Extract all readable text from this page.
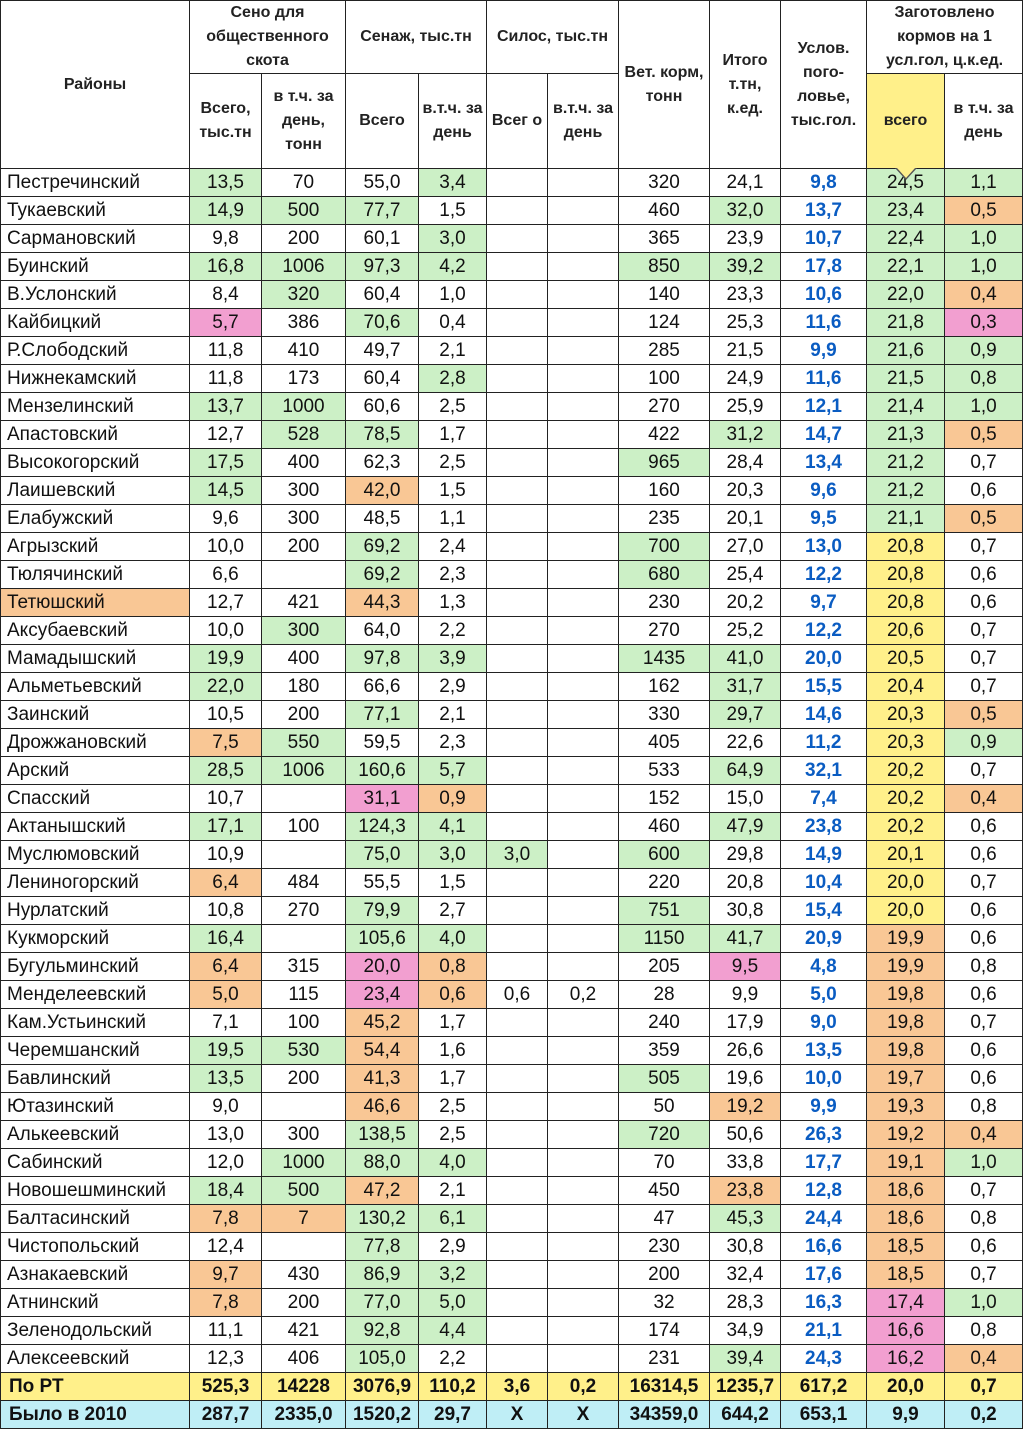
Районы	Сено для общественного скота		Сенаж, тыс.тн		Силос, тыс.тн		Вет. корм, тонн	Итого т.тн, к.ед.	Услов. пого-ловье, тыс.гол.	Заготовлено кормов на 1 усл.гол, ц.к.ед.	
	Всего, тыс.тн	в т.ч. за день, тонн	Всего	в.т.ч. за день	Всег о	в.т.ч. за день				всего	в т.ч. за день
Пестречинский	13,5	70	55,0	3,4			320	24,1	9,8	24,5	1,1
Тукаевский	14,9	500	77,7	1,5			460	32,0	13,7	23,4	0,5
Сармановский	9,8	200	60,1	3,0			365	23,9	10,7	22,4	1,0
Буинский	16,8	1006	97,3	4,2			850	39,2	17,8	22,1	1,0
В.Услонский	8,4	320	60,4	1,0			140	23,3	10,6	22,0	0,4
Кайбицкий	5,7	386	70,6	0,4			124	25,3	11,6	21,8	0,3
Р.Слободский	11,8	410	49,7	2,1			285	21,5	9,9	21,6	0,9
Нижнекамский	11,8	173	60,4	2,8			100	24,9	11,6	21,5	0,8
Мензелинский	13,7	1000	60,6	2,5			270	25,9	12,1	21,4	1,0
Апастовский	12,7	528	78,5	1,7			422	31,2	14,7	21,3	0,5
Высокогорский	17,5	400	62,3	2,5			965	28,4	13,4	21,2	0,7
Лаишевский	14,5	300	42,0	1,5			160	20,3	9,6	21,2	0,6
Елабужский	9,6	300	48,5	1,1			235	20,1	9,5	21,1	0,5
Агрызский	10,0	200	69,2	2,4			700	27,0	13,0	20,8	0,7
Тюлячинский	6,6		69,2	2,3			680	25,4	12,2	20,8	0,6
Тетюшский	12,7	421	44,3	1,3			230	20,2	9,7	20,8	0,6
Аксубаевский	10,0	300	64,0	2,2			270	25,2	12,2	20,6	0,7
Мамадышский	19,9	400	97,8	3,9			1435	41,0	20,0	20,5	0,7
Альметьевский	22,0	180	66,6	2,9			162	31,7	15,5	20,4	0,7
Заинский	10,5	200	77,1	2,1			330	29,7	14,6	20,3	0,5
Дрожжановский	7,5	550	59,5	2,3			405	22,6	11,2	20,3	0,9
Арский	28,5	1006	160,6	5,7			533	64,9	32,1	20,2	0,7
Спасский	10,7		31,1	0,9			152	15,0	7,4	20,2	0,4
Актанышский	17,1	100	124,3	4,1			460	47,9	23,8	20,2	0,6
Муслюмовский	10,9		75,0	3,0	3,0		600	29,8	14,9	20,1	0,6
Лениногорский	6,4	484	55,5	1,5			220	20,8	10,4	20,0	0,7
Нурлатский	10,8	270	79,9	2,7			751	30,8	15,4	20,0	0,6
Кукморский	16,4		105,6	4,0			1150	41,7	20,9	19,9	0,6
Бугульминский	6,4	315	20,0	0,8			205	9,5	4,8	19,9	0,8
Менделеевский	5,0	115	23,4	0,6	0,6	0,2	28	9,9	5,0	19,8	0,6
Кам.Устьинский	7,1	100	45,2	1,7			240	17,9	9,0	19,8	0,7
Черемшанский	19,5	530	54,4	1,6			359	26,6	13,5	19,8	0,6
Бавлинский	13,5	200	41,3	1,7			505	19,6	10,0	19,7	0,6
Ютазинский	9,0		46,6	2,5			50	19,2	9,9	19,3	0,8
Алькеевский	13,0	300	138,5	2,5			720	50,6	26,3	19,2	0,4
Сабинский	12,0	1000	88,0	4,0			70	33,8	17,7	19,1	1,0
Новошешминский	18,4	500	47,2	2,1			450	23,8	12,8	18,6	0,7
Балтасинский	7,8	7	130,2	6,1			47	45,3	24,4	18,6	0,8
Чистопольский	12,4		77,8	2,9			230	30,8	16,6	18,5	0,6
Азнакаевский	9,7	430	86,9	3,2			200	32,4	17,6	18,5	0,7
Атнинский	7,8	200	77,0	5,0			32	28,3	16,3	17,4	1,0
Зеленодольский	11,1	421	92,8	4,4			174	34,9	21,1	16,6	0,8
Алексеевский	12,3	406	105,0	2,2			231	39,4	24,3	16,2	0,4
По РТ	525,3	14228	3076,9	110,2	3,6	0,2	16314,5	1235,7	617,2	20,0	0,7
Было в 2010	287,7	2335,0	1520,2	29,7	X	X	34359,0	644,2	653,1	9,9	0,2
